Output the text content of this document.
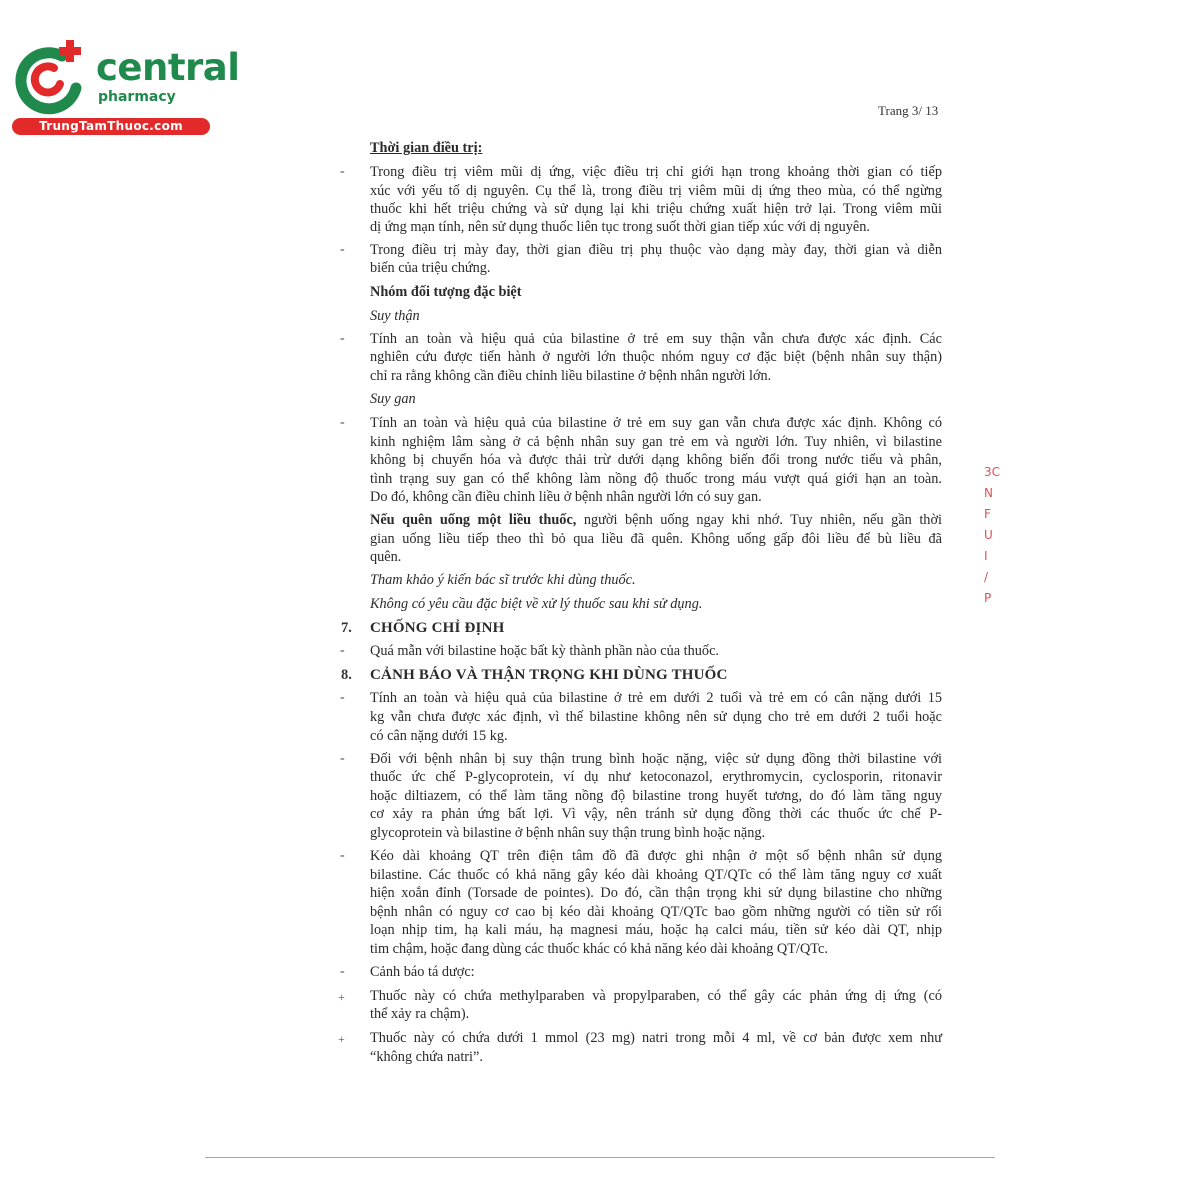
central
pharmacy
TrungTamThuoc.com
Trang 3/ 13
Thời gian điều trị:
Trong điều trị viêm mũi dị ứng, việc điều trị chỉ giới hạn trong khoảng thời gian có tiếp
-
xúc với yếu tố dị nguyên. Cụ thể là, trong điều trị viêm mũi dị ứng theo mùa, có thể ngừng
thuốc khi hết triệu chứng và sử dụng lại khi triệu chứng xuất hiện trở lại. Trong viêm mũi
dị ứng mạn tính, nên sử dụng thuốc liên tục trong suốt thời gian tiếp xúc với dị nguyên.
Trong điều trị mày đay, thời gian điều trị phụ thuộc vào dạng mày đay, thời gian và diễn
-
biến của triệu chứng.
Nhóm đối tượng đặc biệt
Suy thận
Tính an toàn và hiệu quả của bilastine ở trẻ em suy thận vẫn chưa được xác định. Các
-
nghiên cứu được tiến hành ở người lớn thuộc nhóm nguy cơ đặc biệt (bệnh nhân suy thận)
chỉ ra rằng không cần điều chỉnh liều bilastine ở bệnh nhân người lớn.
Suy gan
Tính an toàn và hiệu quả của bilastine ở trẻ em suy gan vẫn chưa được xác định. Không có
-
kinh nghiệm lâm sàng ở cả bệnh nhân suy gan trẻ em và người lớn. Tuy nhiên, vì bilastine
không bị chuyển hóa và được thải trừ dưới dạng không biến đổi trong nước tiểu và phân,
tình trạng suy gan có thể không làm nồng độ thuốc trong máu vượt quá giới hạn an toàn.
Do đó, không cần điều chỉnh liều ở bệnh nhân người lớn có suy gan.
Nếu quên uống một liều thuốc, người bệnh uống ngay khi nhớ. Tuy nhiên, nếu gần thời
gian uống liều tiếp theo thì bỏ qua liều đã quên. Không uống gấp đôi liều để bù liều đã
quên.
Tham khảo ý kiến bác sĩ trước khi dùng thuốc.
Không có yêu cầu đặc biệt về xử lý thuốc sau khi sử dụng.
CHỐNG CHỈ ĐỊNH
7.
Quá mẫn với bilastine hoặc bất kỳ thành phần nào của thuốc.
-
CẢNH BÁO VÀ THẬN TRỌNG KHI DÙNG THUỐC
8.
Tính an toàn và hiệu quả của bilastine ở trẻ em dưới 2 tuổi và trẻ em có cân nặng dưới 15
-
kg vẫn chưa được xác định, vì thế bilastine không nên sử dụng cho trẻ em dưới 2 tuổi hoặc
có cân nặng dưới 15 kg.
Đối với bệnh nhân bị suy thận trung bình hoặc nặng, việc sử dụng đồng thời bilastine với
-
thuốc ức chế P-glycoprotein, ví dụ như ketoconazol, erythromycin, cyclosporin, ritonavir
hoặc diltiazem, có thể làm tăng nồng độ bilastine trong huyết tương, do đó làm tăng nguy
cơ xảy ra phản ứng bất lợi. Vì vậy, nên tránh sử dụng đồng thời các thuốc ức chế P-
glycoprotein và bilastine ở bệnh nhân suy thận trung bình hoặc nặng.
Kéo dài khoảng QT trên điện tâm đồ đã được ghi nhận ở một số bệnh nhân sử dụng
-
bilastine. Các thuốc có khả năng gây kéo dài khoảng QT/QTc có thể làm tăng nguy cơ xuất
hiện xoắn đỉnh (Torsade de pointes). Do đó, cần thận trọng khi sử dụng bilastine cho những
bệnh nhân có nguy cơ cao bị kéo dài khoảng QT/QTc bao gồm những người có tiền sử rối
loạn nhịp tim, hạ kali máu, hạ magnesi máu, hoặc hạ calci máu, tiền sử kéo dài QT, nhịp
tim chậm, hoặc đang dùng các thuốc khác có khả năng kéo dài khoảng QT/QTc.
Cảnh báo tá dược:
-
Thuốc này có chứa methylparaben và propylparaben, có thể gây các phản ứng dị ứng (có
+
thể xảy ra chậm).
Thuốc này có chứa dưới 1 mmol (23 mg) natri trong mỗi 4 ml, về cơ bản được xem như
+
“không chứa natri”.
3C
N
F
U
I
/
P
